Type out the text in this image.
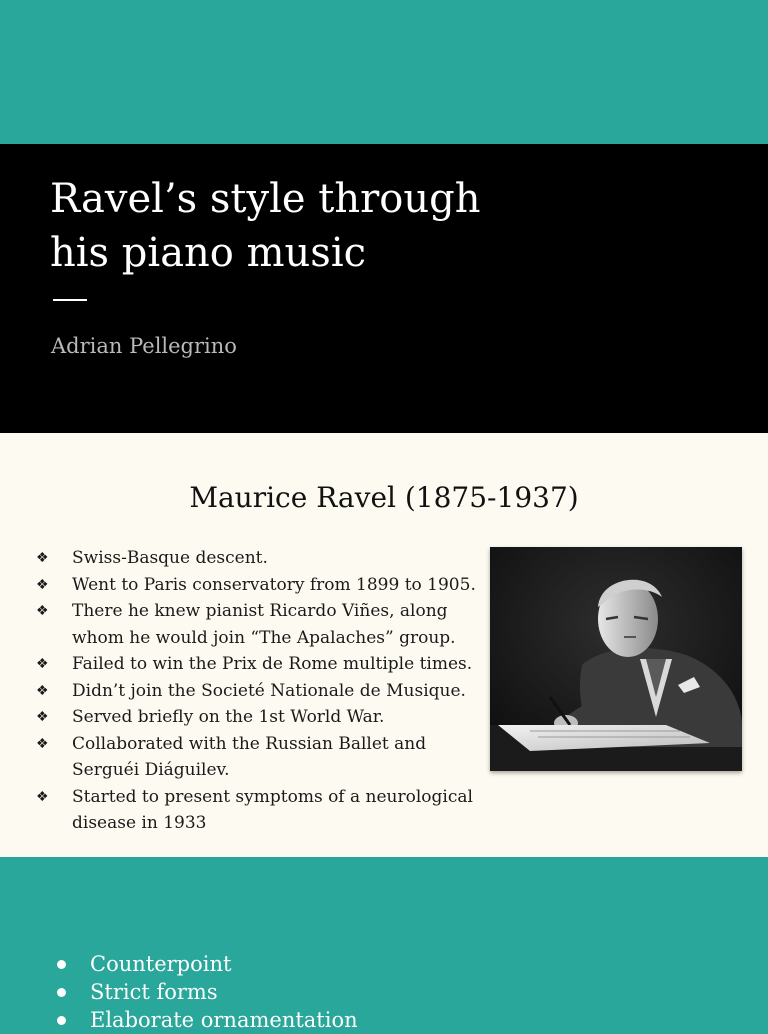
Ravel’s style through
his piano music
Adrian Pellegrino
Maurice Ravel (1875-1937)
❖ Swiss-Basque descent.
❖ Went to Paris conservatory from 1899 to 1905.
❖ There he knew pianist Ricardo Viñes, along whom he would join “The Apalaches” group.
❖ Failed to win the Prix de Rome multiple times.
❖ Didn’t join the Societé Nationale de Musique.
❖ Served briefly on the 1st World War.
❖ Collaborated with the Russian Ballet and Serguéi Diáguilev.
❖ Started to present symptoms of a neurological disease in 1933
Counterpoint
Strict forms
Elaborate ornamentation
